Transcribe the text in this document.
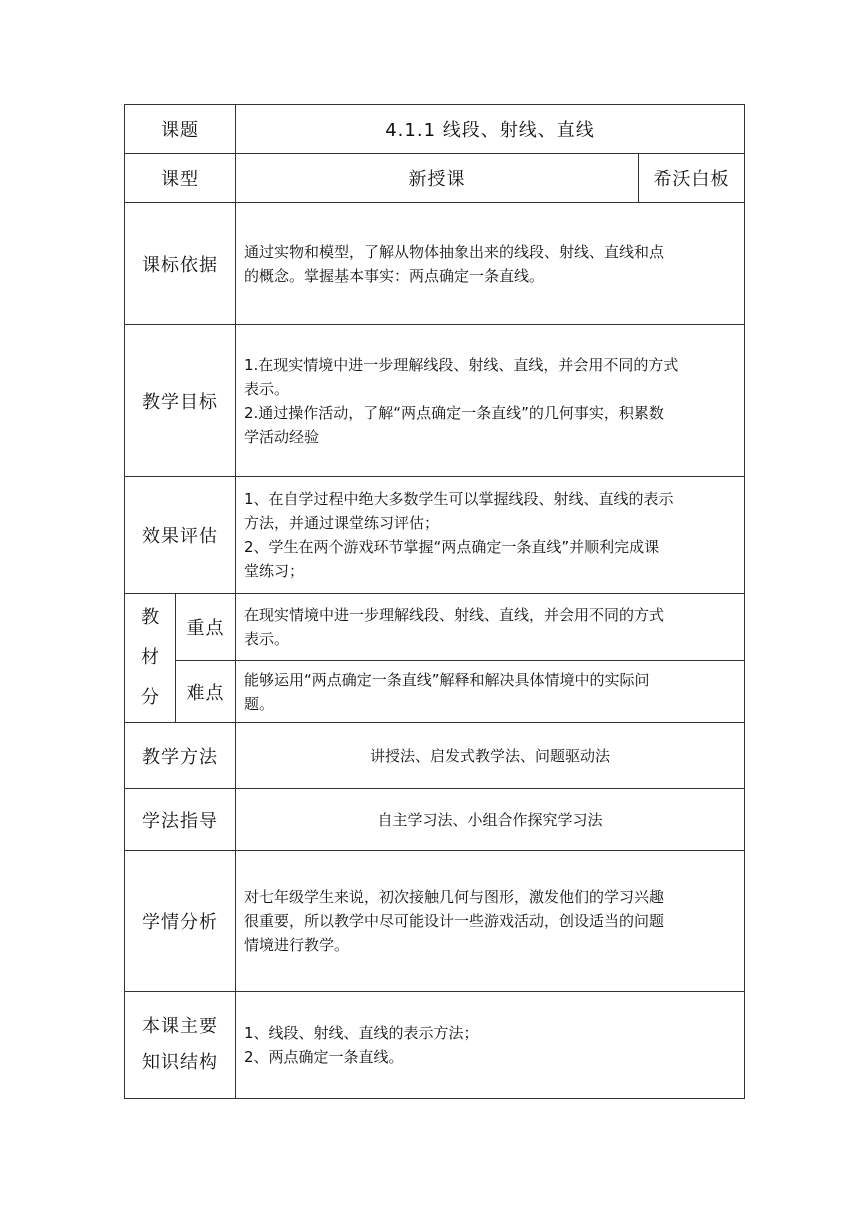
课题		4.1.1 线段、射线、直线	
课型		新授课	希沃白板
课标依据		通过实物和模型，了解从物体抽象出来的线段、射线、直线和点
的概念。掌握基本事实：两点确定一条直线。	

教学目标		1.在现实情境中进一步理解线段、射线、直线，并会用不同的方式
表示。
2.通过操作活动，了解“两点确定一条直线”的几何事实，积累数
学活动经验	

效果评估		1、在自学过程中绝大多数学生可以掌握线段、射线、直线的表示
方法，并通过课堂练习评估；
2、学生在两个游戏环节掌握“两点确定一条直线”并顺利完成课
堂练习；	

教
材
分	重点	在现实情境中进一步理解线段、射线、直线，并会用不同的方式
表示。	

	难点	能够运用“两点确定一条直线”解释和解决具体情境中的实际问
题。	

教学方法		讲授法、启发式教学法、问题驱动法	
学法指导		自主学习法、小组合作探究学习法	
学情分析		对七年级学生来说，初次接触几何与图形，激发他们的学习兴趣
很重要，所以教学中尽可能设计一些游戏活动，创设适当的问题
情境进行教学。	

本课主要
知识结构		1、线段、射线、直线的表示方法；
2、两点确定一条直线。	
